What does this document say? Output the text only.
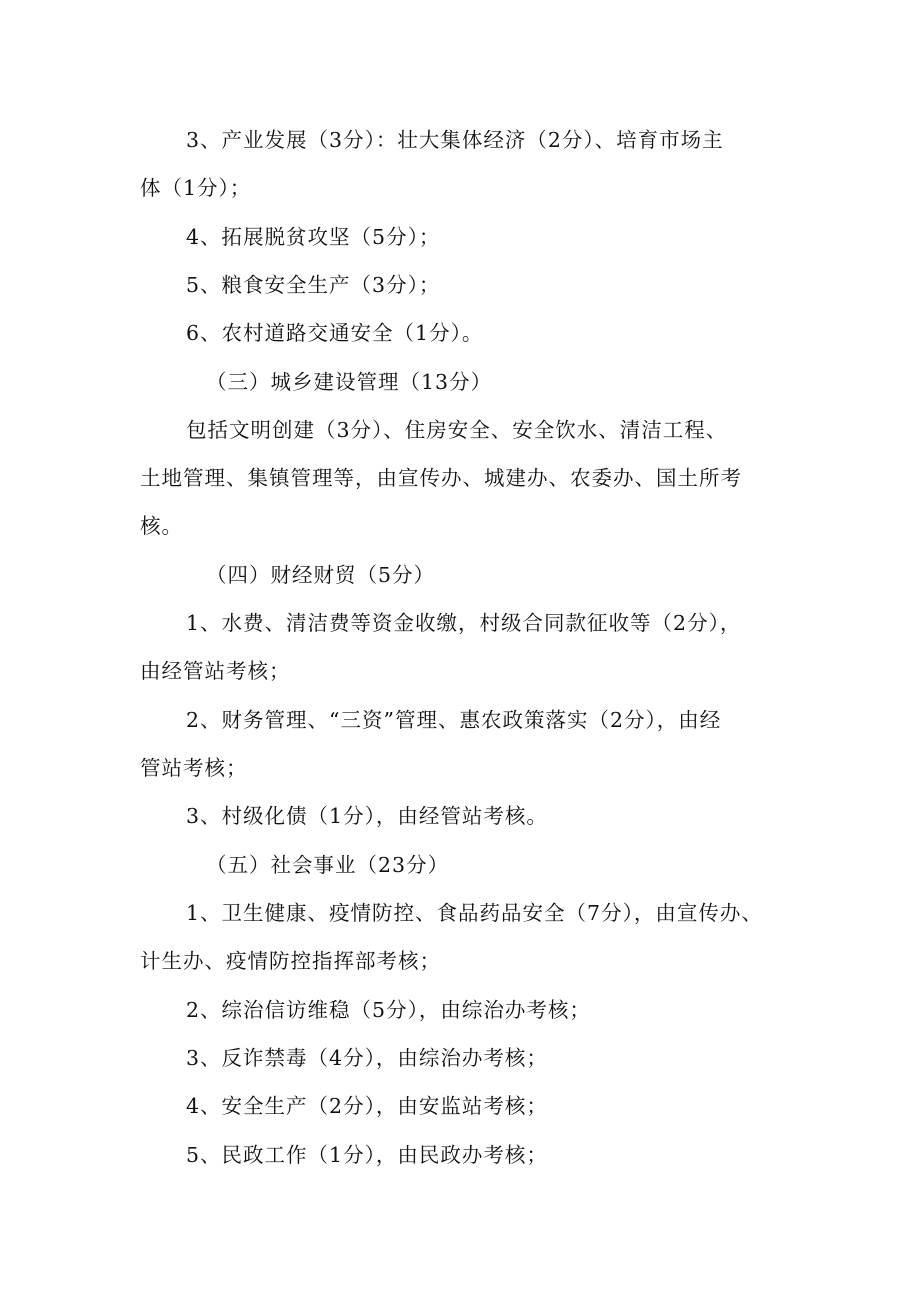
3、产业发展（3分）：壮大集体经济（2分）、培育市场主
体（1分）；
4、拓展脱贫攻坚（5分）；
5、粮食安全生产（3分）；
6、农村道路交通安全（1分）。
（三）城乡建设管理（13分）
包括文明创建（3分）、住房安全、安全饮水、清洁工程、
土地管理、集镇管理等，由宣传办、城建办、农委办、国土所考
核。
（四）财经财贸（5分）
1、水费、清洁费等资金收缴，村级合同款征收等（2分），
由经管站考核；
2、财务管理、“三资”管理、惠农政策落实（2分），由经
管站考核；
3、村级化债（1分），由经管站考核。
（五）社会事业（23分）
1、卫生健康、疫情防控、食品药品安全（7分），由宣传办、
计生办、疫情防控指挥部考核；
2、综治信访维稳（5分），由综治办考核；
3、反诈禁毒（4分），由综治办考核；
4、安全生产（2分），由安监站考核；
5、民政工作（1分），由民政办考核；
